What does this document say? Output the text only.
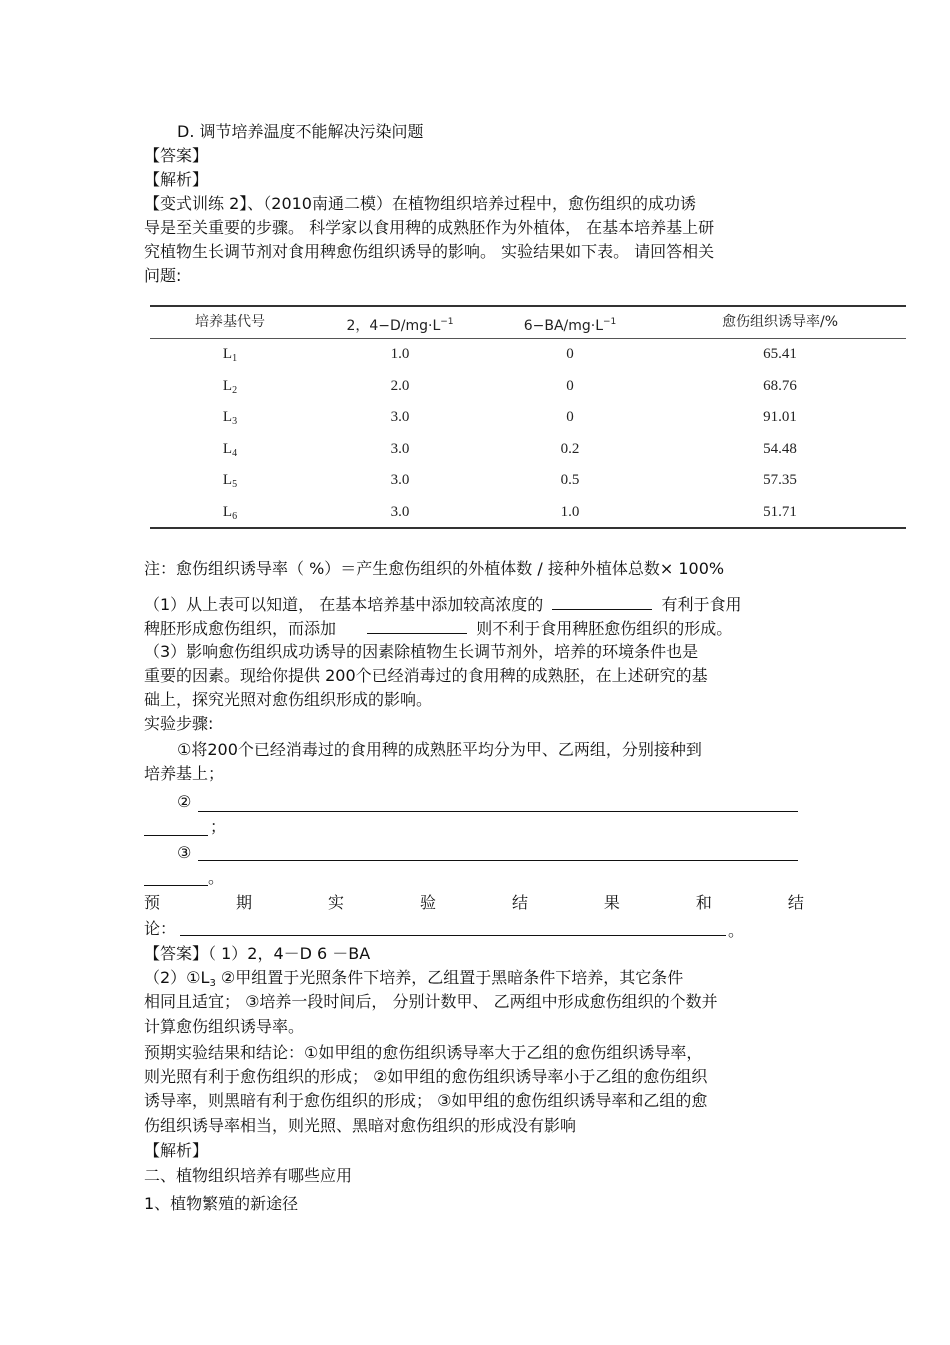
D. 调节培养温度不能解决污染问题
【答案】
【解析】
【变式训练 2】、（2010南通二模）在植物组织培养过程中，愈伤组织的成功诱
导是至关重要的步骤。 科学家以食用稗的成熟胚作为外植体， 在基本培养基上研
究植物生长调节剂对食用稗愈伤组织诱导的影响。 实验结果如下表。 请回答相关
问题:
培养基代号	2，$4-D/mg\cdot L^{-1}$	$6-BA/mg\cdot L^{-1}$	愈伤组织诱导率/%
$L_1$	1.0	0	65.41
$L_2$	2.0	0	68.76
$L_3$	3.0	0	91.01
$L_4$	3.0	0.2	54.48
$L_5$	3.0	0.5	57.35
$L_6$	3.0	1.0	51.71
注：愈伤组织诱导率（ %）＝产生愈伤组织的外植体数 / 接种外植体总数× 100%
（1）从上表可以知道， 在基本培养基中添加较高浓度的	有利于食用
稗胚形成愈伤组织，而添加	则不利于食用稗胚愈伤组织的形成。
（3）影响愈伤组织成功诱导的因素除植物生长调节剂外，培养的环境条件也是
重要的因素。现给你提供 200个已经消毒过的食用稗的成熟胚，在上述研究的基
础上，探究光照对愈伤组织形成的影响。
实验步骤:
①将200个已经消毒过的食用稗的成熟胚平均分为甲、乙两组，分别接种到
培养基上；
②
；
③
。
预	期	实	验	结	果	和	结
论：	。
【答案】（ 1）2，4－D 6 －BA
$(2)①L_3$ ②甲组置于光照条件下培养，乙组置于黑暗条件下培养，其它条件
相同且适宜； ③培养一段时间后， 分别计数甲、 乙两组中形成愈伤组织的个数并
计算愈伤组织诱导率。
预期实验结果和结论：①如甲组的愈伤组织诱导率大于乙组的愈伤组织诱导率，
则光照有利于愈伤组织的形成； ②如甲组的愈伤组织诱导率小于乙组的愈伤组织
诱导率，则黑暗有利于愈伤组织的形成； ③如甲组的愈伤组织诱导率和乙组的愈
伤组织诱导率相当，则光照、黑暗对愈伤组织的形成没有影响
【解析】
二、植物组织培养有哪些应用
1、植物繁殖的新途径
